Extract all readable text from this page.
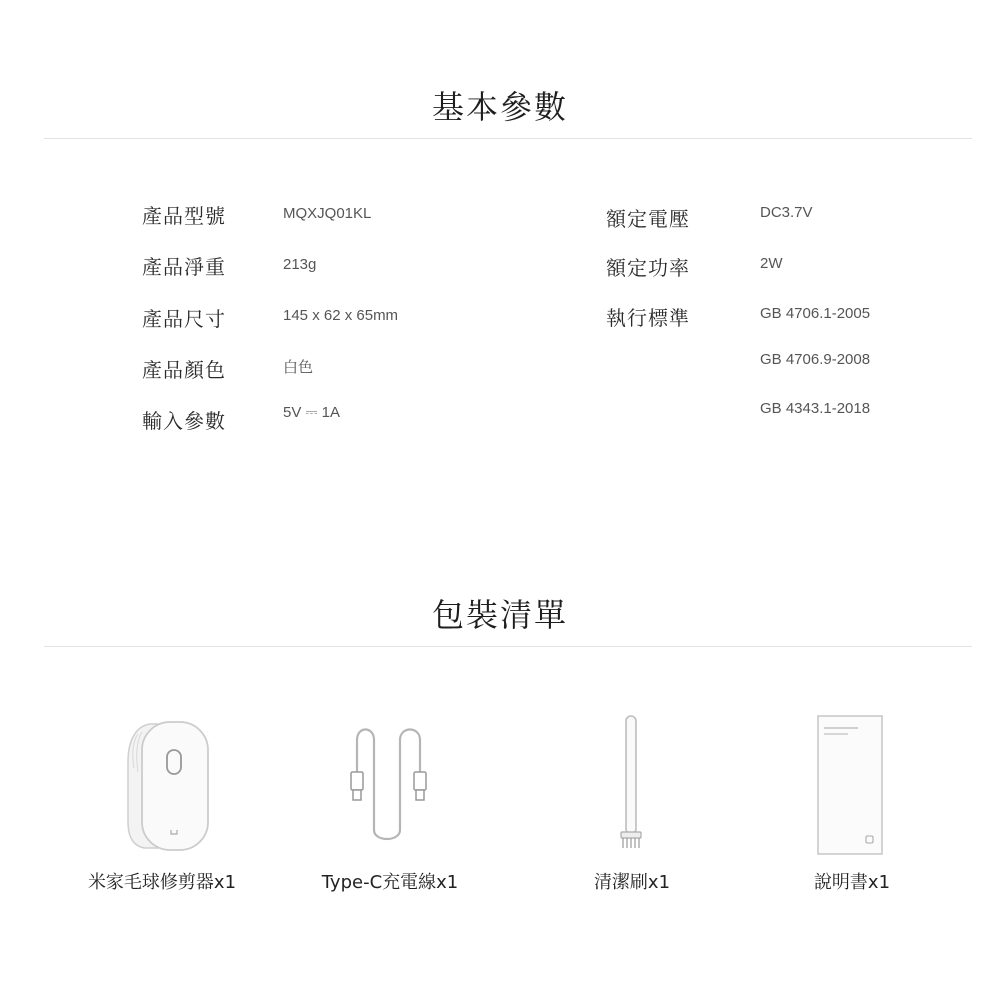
基本參數
產品型號	MQXJQ01KL
產品淨重	213g
產品尺寸	145 x 62 x 65mm
產品顏色	白色
輸入參數	5V ⎓ 1A
額定電壓	DC3.7V
額定功率	2W
執行標準	GB 4706.1-2005
GB 4706.9-2008
GB 4343.1-2018
包裝清單
米家毛球修剪器x1	Type-C充電線x1	清潔刷x1	說明書x1
